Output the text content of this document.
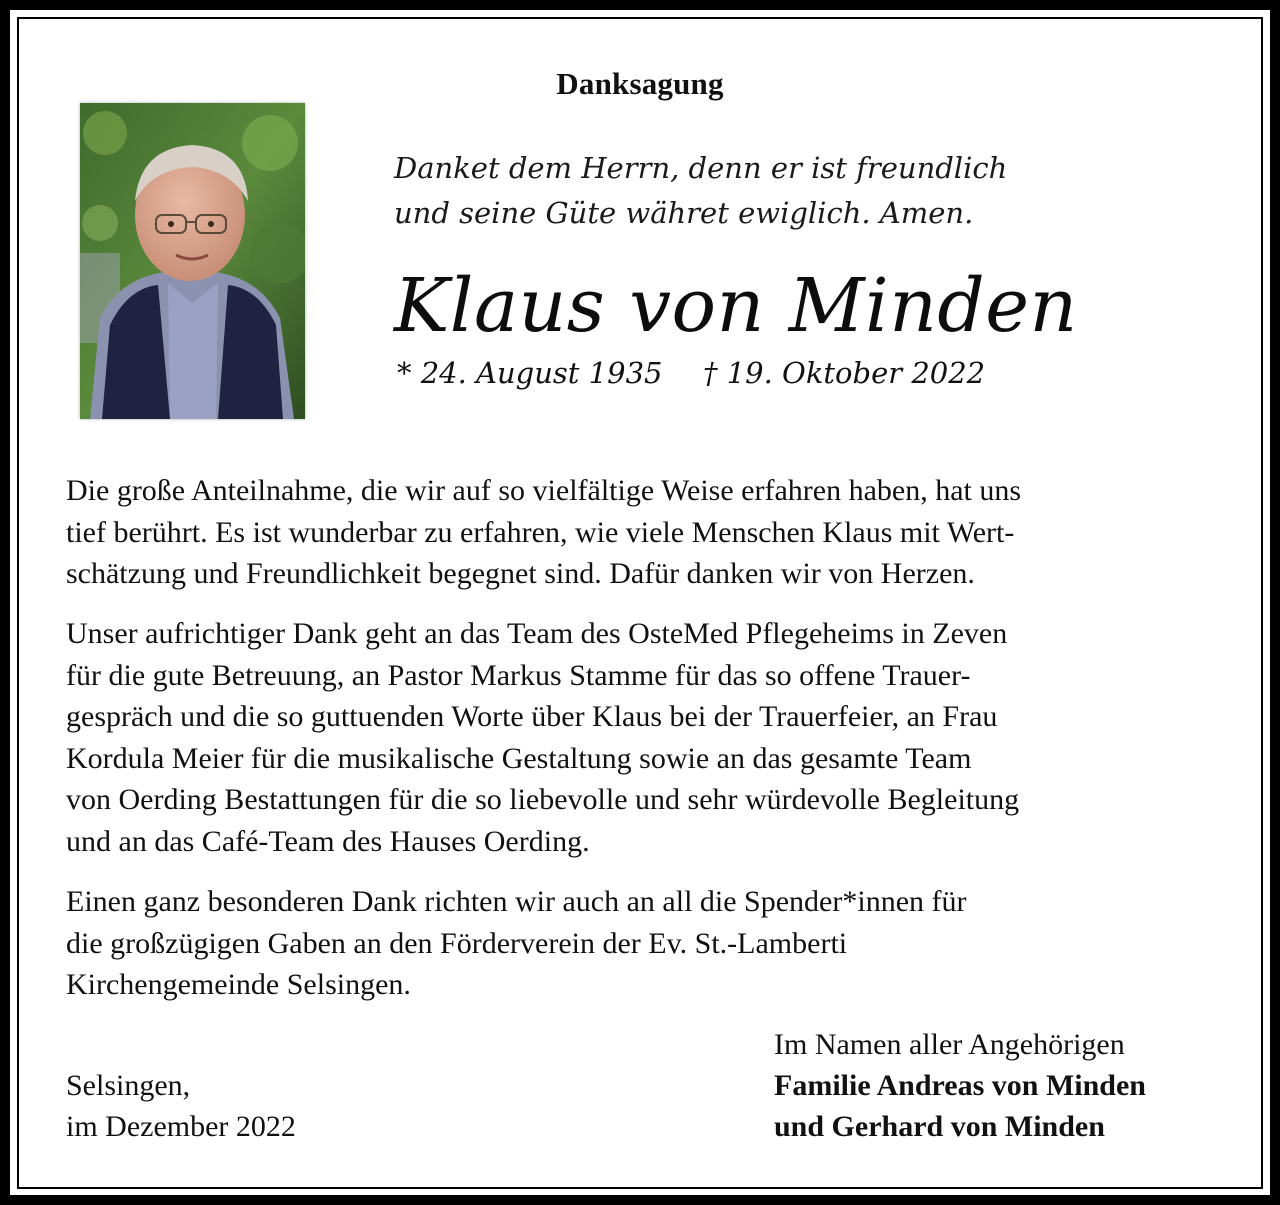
Danksagung
Danket dem Herrn, denn er ist freundlich
und seine Güte währet ewiglich. Amen.
Klaus von Minden
* 24. August 1935 † 19. Oktober 2022
Die große Anteilnahme, die wir auf so vielfältige Weise erfahren haben, hat uns
tief berührt. Es ist wunderbar zu erfahren, wie viele Menschen Klaus mit Wert-
schätzung und Freundlichkeit begegnet sind. Dafür danken wir von Herzen.
Unser aufrichtiger Dank geht an das Team des OsteMed Pflegeheims in Zeven
für die gute Betreuung, an Pastor Markus Stamme für das so offene Trauer-
gespräch und die so guttuenden Worte über Klaus bei der Trauerfeier, an Frau
Kordula Meier für die musikalische Gestaltung sowie an das gesamte Team
von Oerding Bestattungen für die so liebevolle und sehr würdevolle Begleitung
und an das Café-Team des Hauses Oerding.
Einen ganz besonderen Dank richten wir auch an all die Spender*innen für
die großzügigen Gaben an den Förderverein der Ev. St.-Lamberti
Kirchengemeinde Selsingen.
Selsingen,
im Dezember 2022
Im Namen aller Angehörigen
Familie Andreas von Minden
und Gerhard von Minden
